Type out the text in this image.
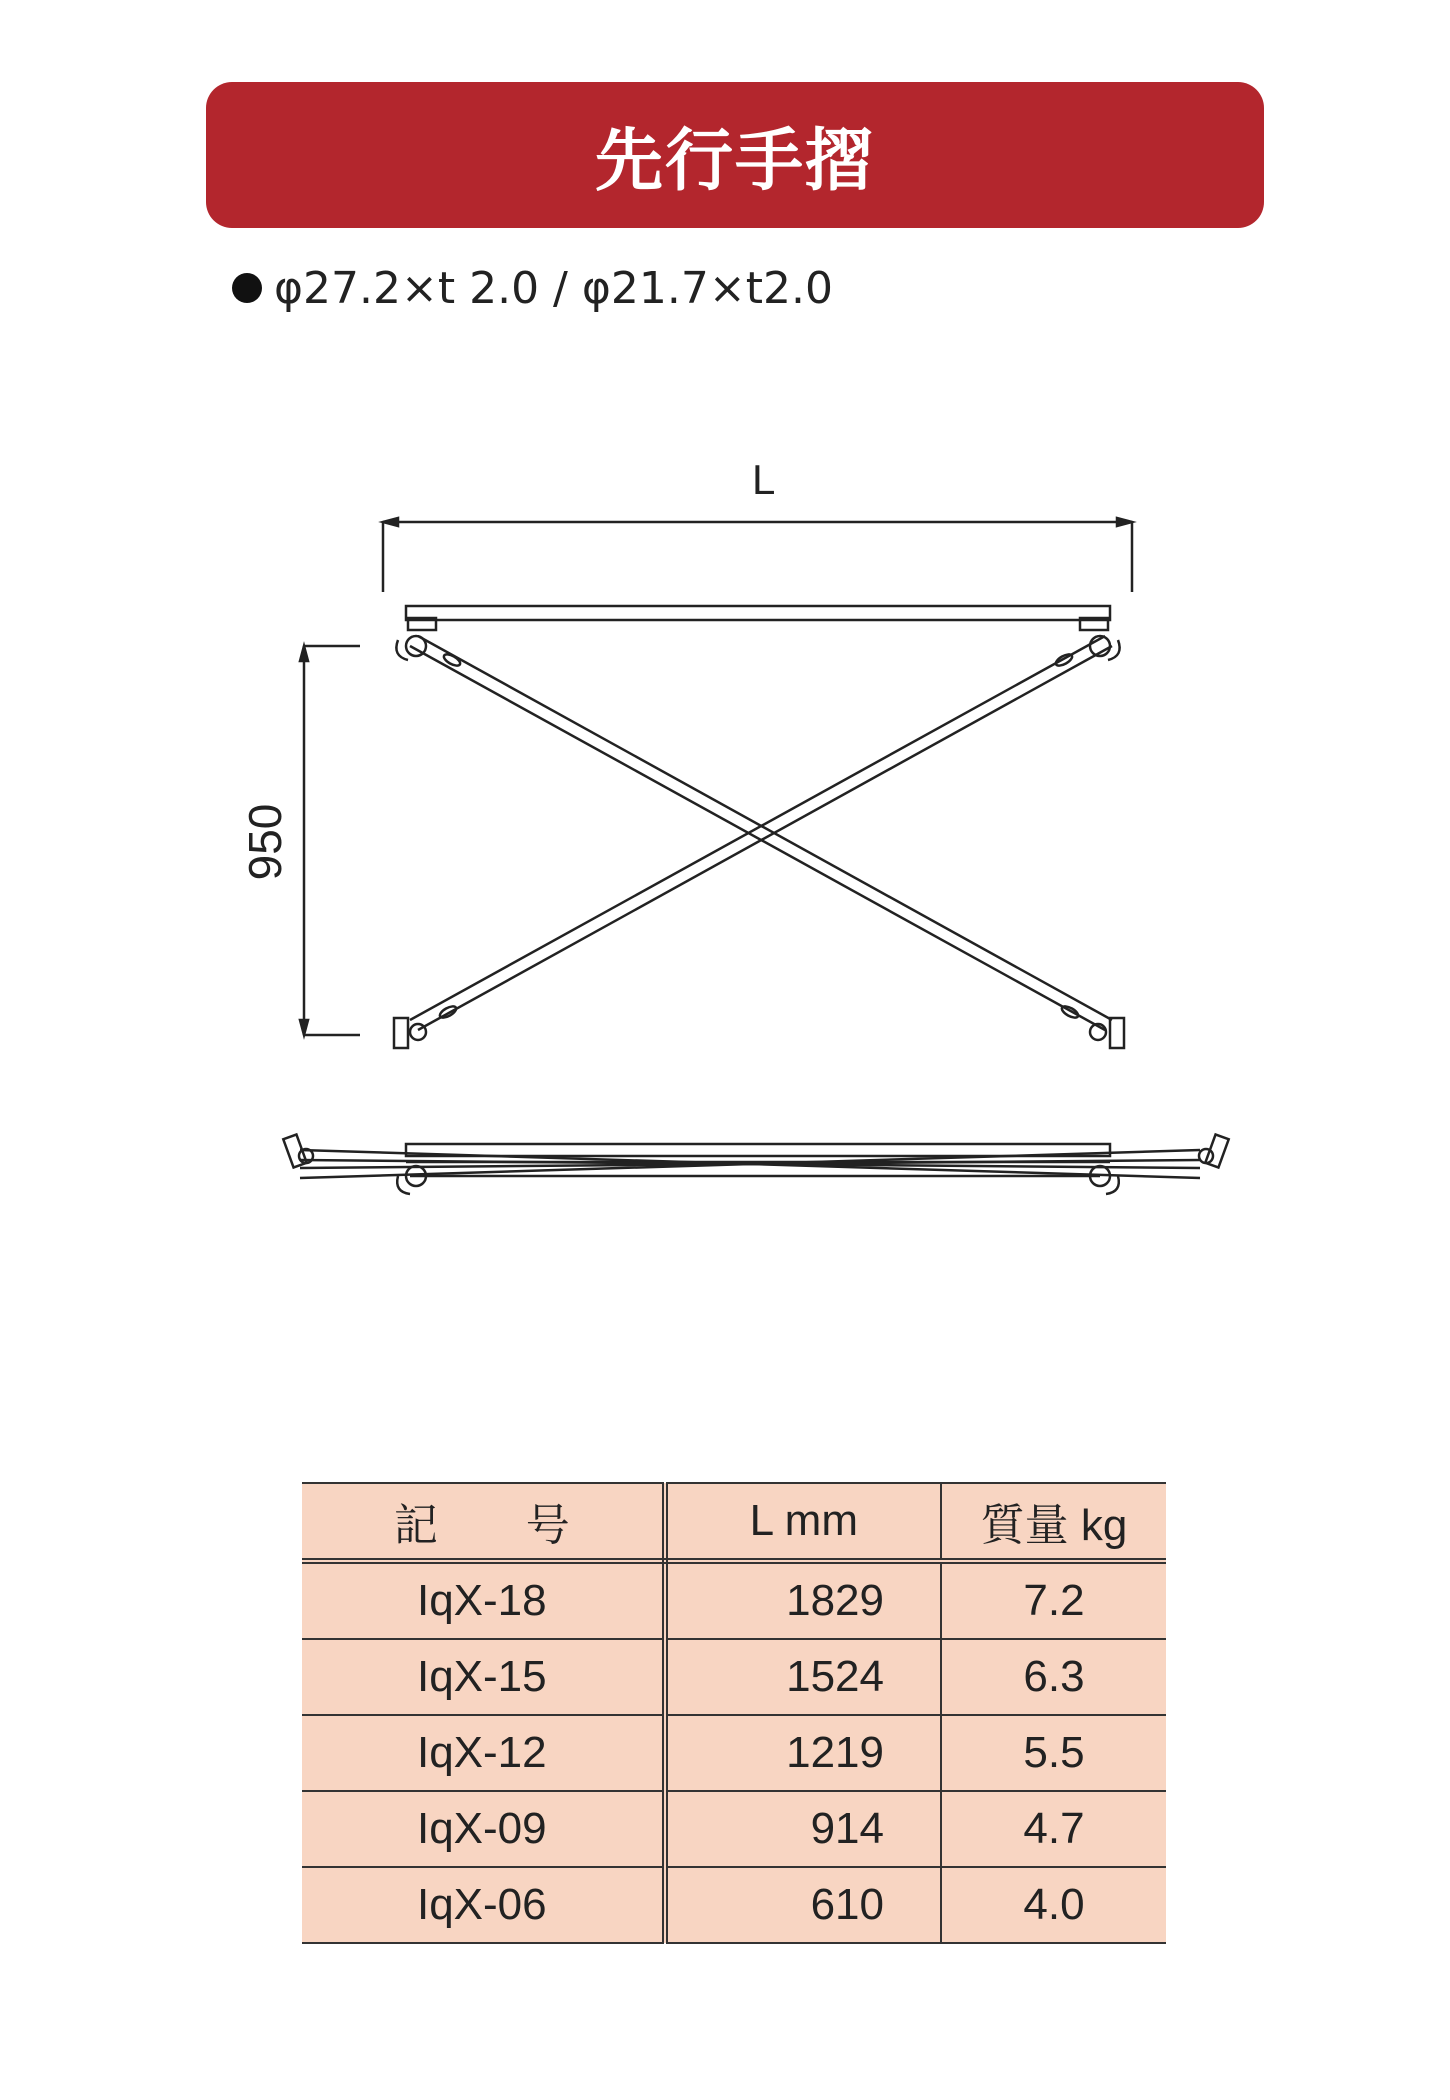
先行手摺
φ27.2×t 2.0 / φ21.7×t2.0
L
950
記　　号	L mm	質量 kg
IqX-18	1829	7.2
IqX-15	1524	6.3
IqX-12	1219	5.5
IqX-09	914	4.7
IqX-06	610	4.0
